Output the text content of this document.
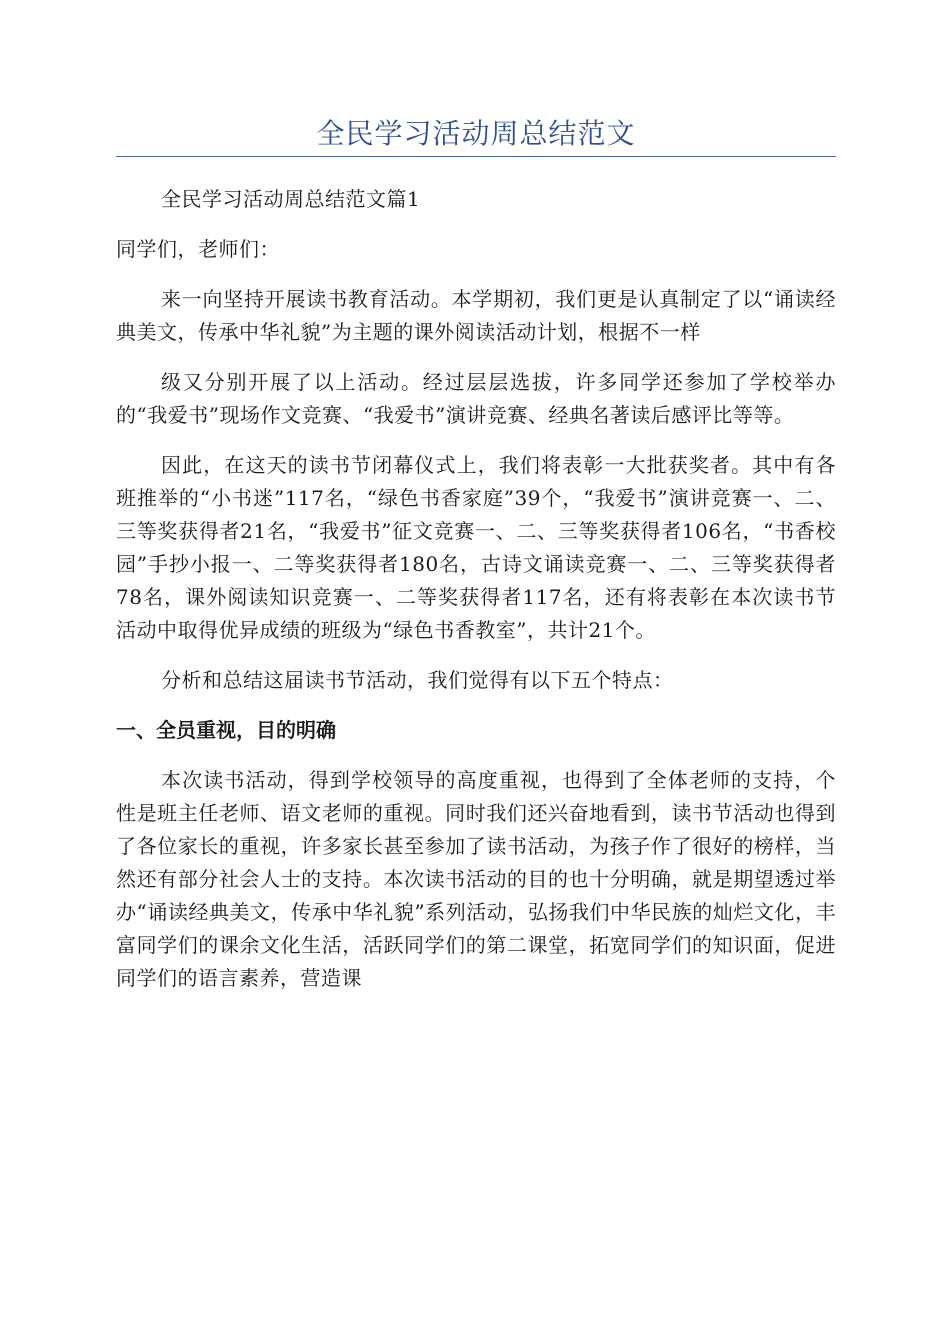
全民学习活动周总结范文

全民学习活动周总结范文篇1

同学们，老师们：

来一向坚持开展读书教育活动。本学期初，我们更是认真制定了以“诵读经典美文，传承中华礼貌”为主题的课外阅读活动计划，根据不一样

级又分别开展了以上活动。经过层层选拔，许多同学还参加了学校举办的“我爱书”现场作文竞赛、“我爱书”演讲竞赛、经典名著读后感评比等等。

因此，在这天的读书节闭幕仪式上，我们将表彰一大批获奖者。其中有各班推举的“小书迷”117名，“绿色书香家庭”39个，“我爱书”演讲竞赛一、二、三等奖获得者21名，“我爱书”征文竞赛一、二、三等奖获得者106名，“书香校园”手抄小报一、二等奖获得者180名，古诗文诵读竞赛一、二、三等奖获得者78名，课外阅读知识竞赛一、二等奖获得者117名，还有将表彰在本次读书节活动中取得优异成绩的班级为“绿色书香教室”，共计21个。

分析和总结这届读书节活动，我们觉得有以下五个特点：

一、全员重视，目的明确

本次读书活动，得到学校领导的高度重视，也得到了全体老师的支持，个性是班主任老师、语文老师的重视。同时我们还兴奋地看到，读书节活动也得到了各位家长的重视，许多家长甚至参加了读书活动，为孩子作了很好的榜样，当然还有部分社会人士的支持。本次读书活动的目的也十分明确，就是期望透过举办“诵读经典美文，传承中华礼貌”系列活动，弘扬我们中华民族的灿烂文化，丰富同学们的课余文化生活，活跃同学们的第二课堂，拓宽同学们的知识面，促进同学们的语言素养，营造课
